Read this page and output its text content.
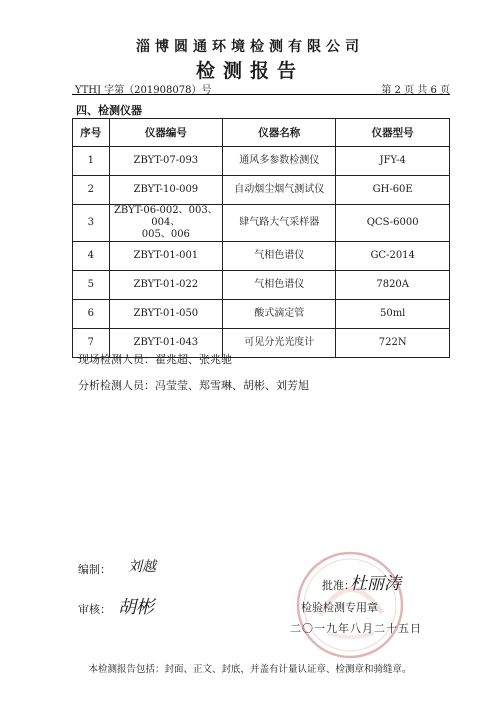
淄博圆通环境检测有限公司
检测报告
YTHJ 字第（201908078）号	第 2 页 共 6 页
四、检测仪器
序号	仪器编号	仪器名称	仪器型号
1	ZBYT-07-093	通风多参数检测仪	JFY-4
2	ZBYT-10-009	自动烟尘烟气测试仪	GH-60E
3	ZBYT-06-002、003、004、
005、006	肆气路大气采样器	QCS-6000
4	ZBYT-01-001	气相色谱仪	GC-2014
5	ZBYT-01-022	气相色谱仪	7820A
6	ZBYT-01-050	酸式滴定管	50ml
7	ZBYT-01-043	可见分光光度计	722N
现场检测人员：翟兆超、张兆驰
分析检测人员：冯莹莹、郑雪琳、胡彬、刘芳旭
编制： 刘越
审核： 胡彬
批准：
杜丽涛
检验检测专用章
二〇一九年八月二十五日
本检测报告包括：封面、正文、封底，并盖有计量认证章、检测章和骑缝章。
